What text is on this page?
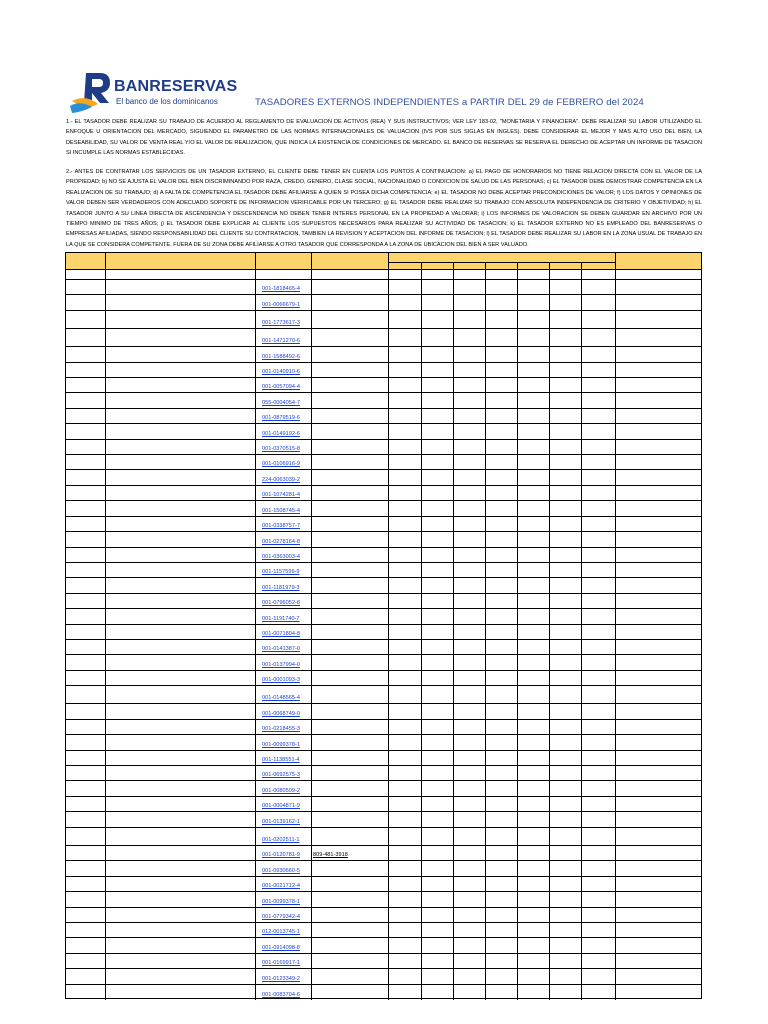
BANRESERVAS
El banco de los dominicanos	TASADORES EXTERNOS INDEPENDIENTES a PARTIR DEL 29 de FEBRERO del 2024
1.- EL TASADOR DEBE REALIZAR SU TRABAJO DE ACUERDO AL REGLAMENTO DE EVALUACION DE ACTIVOS (REA) Y SUS INSTRUCTIVOS; VER LEY 183-02, "MONETARIA Y FINANCIERA". DEBE REALIZAR SU LABOR UTILIZANDO EL ENFOQUE U ORIENTACION DEL MERCADO, SIGUIENDO EL PARAMETRO DE LAS NORMAS INTERNACIONALES DE VALUACION (IVS POR SUS SIGLAS EN INGLES). DEBE CONSIDERAR EL MEJOR Y MAS ALTO USO DEL BIEN, LA DESEABILIDAD, SU VALOR DE VENTA REAL Y/O EL VALOR DE REALIZACION, QUE INDICA LA EXISTENCIA DE CONDICIONES DE MERCADO. EL BANCO DE RESERVAS SE RESERVA EL DERECHO DE ACEPTAR UN INFORME DE TASACION SI INCUMPLE LAS NORMAS ESTABLECIDAS.
2.- ANTES DE CONTRATAR LOS SERVICIOS DE UN TASADOR EXTERNO, EL CLIENTE DEBE TENER EN CUENTA LOS PUNTOS A CONTINUACION: a) EL PAGO DE HONORARIOS NO TIENE RELACION DIRECTA CON EL VALOR DE LA PROPIEDAD; b) NO SE AJUSTA EL VALOR DEL BIEN DISCRIMINANDO POR RAZA, CREDO, GENERO, CLASE SOCIAL, NACIONALIDAD O CONDICION DE SALUD DE LAS PERSONAS; c) EL TASADOR DEBE DEMOSTRAR COMPETENCIA EN LA REALIZACION DE SU TRABAJO; d) A FALTA DE COMPETENCIA EL TASADOR DEBE AFILIARSE A QUIEN SI POSEA DICHA COMPETENCIA; e) EL TASADOR NO DEBE ACEPTAR PRECONDICIONES DE VALOR; f) LOS DATOS Y OPINIONES DE VALOR DEBEN SER VERDADEROS CON ADECUADO SOPORTE DE INFORMACION VERIFICABLE POR UN TERCERO; g) EL TASADOR DEBE REALIZAR SU TRABAJO CON ABSOLUTA INDEPENDENCIA DE CRITERIO Y OBJETIVIDAD; h) EL TASADOR JUNTO A SU LINEA DIRECTA DE ASCENDENCIA Y DESCENDENCIA NO DEBEN TENER INTERES PERSONAL EN LA PROPIEDAD A VALORAR; i) LOS INFORMES DE VALORACION SE DEBEN GUARDAR EN ARCHIVO POR UN TIEMPO MINIMO DE TRES AÑOS; j) EL TASADOR DEBE EXPLICAR AL CLIENTE LOS SUPUESTOS NECESARIOS PARA REALIZAR SU ACTIVIDAD DE TASACION; k) EL TASADOR EXTERNO NO ES EMPLEADO DEL BANRESERVAS O EMPRESAS AFILIADAS, SIENDO RESPONSABILIDAD DEL CLIENTE SU CONTRATACION, TAMBIEN LA REVISION Y ACEPTACION DEL INFORME DE TASACION; l) EL TASADOR DEBE REALIZAR SU LABOR EN LA ZONA USUAL DE TRABAJO EN LA QUE SE CONSIDERA COMPETENTE, FUERA DE SU ZONA DEBE AFILIARSE A OTRO TASADOR QUE CORRESPONDA A LA ZONA DE UBICACION DEL BIEN A SER VALUADO.
001-1818465-4
001-0066679-1
001-1773617-3
001-1471270-6
001-1588492-6
001-0140910-6
001-0057094-4
055-0004054-7
001-0879519-6
001-0149192-6
001-0370515-8
001-0106916-9
224-0063039-2
001-1074281-4
001-1508745-4
001-0338757-7
001-0278164-8
001-0363003-4
001-1157599-9
001-1181979-3
001-0796052-8
001-1191740-7
001-0071804-8
001-0141387-0
001-0137994-0
001-0001093-3
001-0148565-4
001-0068749-0
001-0218455-3
001-0099378-1
001-1138551-4
001-0692575-3
001-0080509-2
001-0004871-9
001-0139162-1
001-0202511-1
001-0120781-9 809-481-3918
001-0930660-5
001-0021712-4
001-0099378-1
001-0779342-4
012-0013745-1
001-0914098-8
001-0169917-1
001-0123349-2
001-0083704-6
